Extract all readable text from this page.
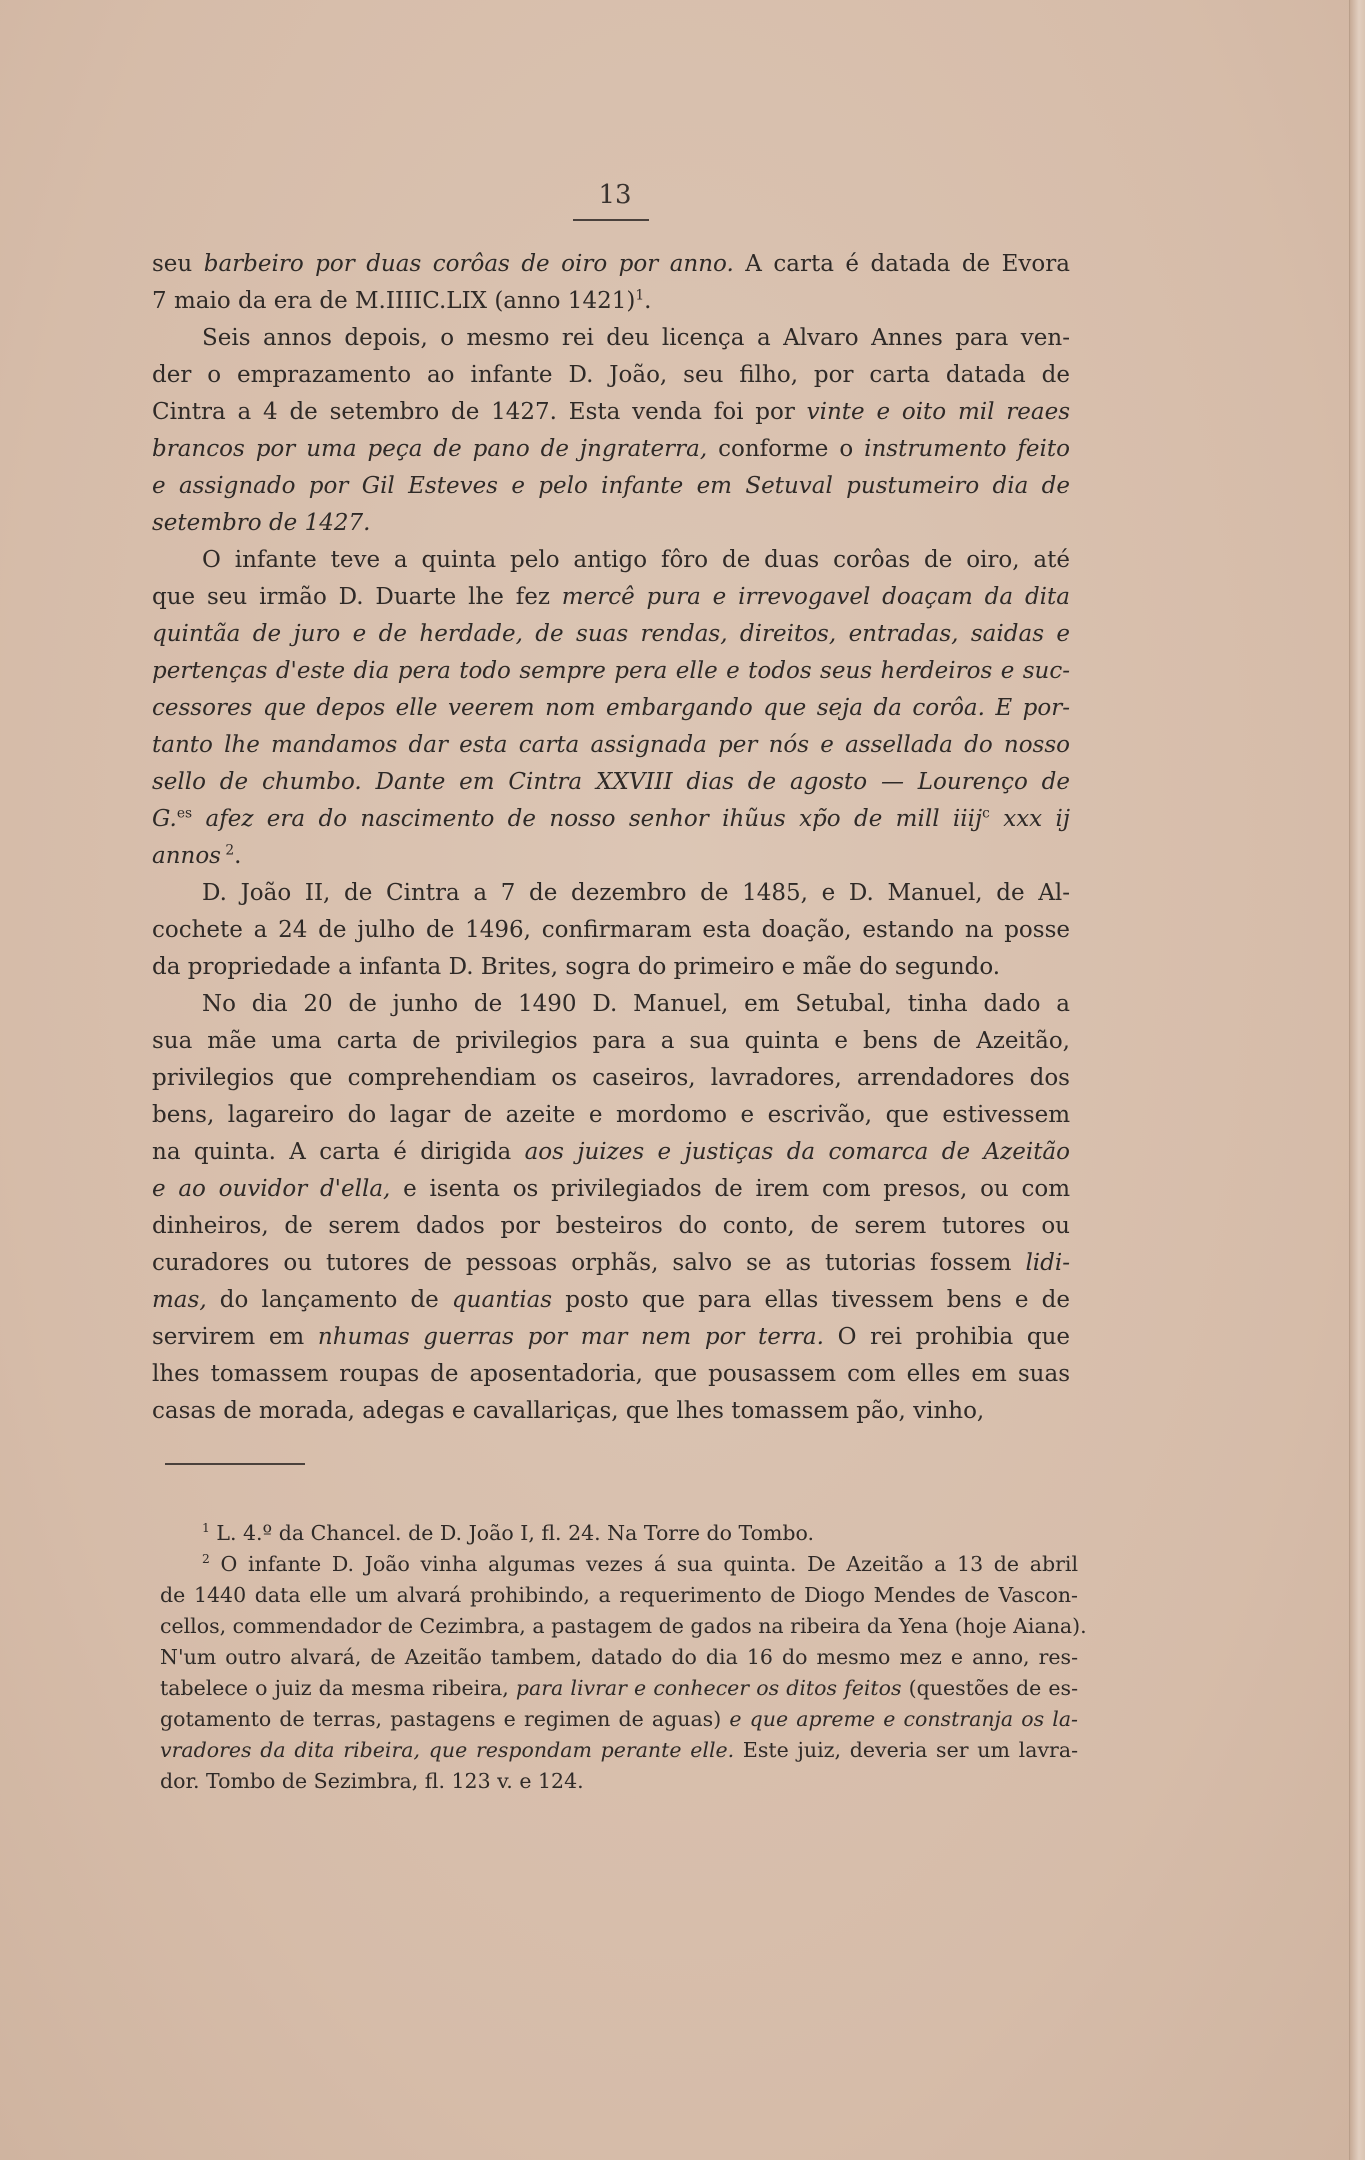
13
seu barbeiro por duas corôas de oiro por anno. A carta é datada de Evora
7 maio da era de M.IIIIC.LIX (anno 1421)$^1$.
Seis annos depois, o mesmo rei deu licença a Alvaro Annes para ven-
der o emprazamento ao infante D. João, seu filho, por carta datada de
Cintra a 4 de setembro de 1427. Esta venda foi por vinte e oito mil reaes
brancos por uma peça de pano de jngraterra, conforme o instrumento feito
e assignado por Gil Esteves e pelo infante em Setuval pustumeiro dia de
setembro de 1427.
O infante teve a quinta pelo antigo fôro de duas corôas de oiro, até
que seu irmão D. Duarte lhe fez mercê pura e irrevogavel doaçam da dita
quintãa de juro e de herdade, de suas rendas, direitos, entradas, saidas e
pertenças d'este dia pera todo sempre pera elle e todos seus herdeiros e suc-
cessores que depos elle veerem nom embargando que seja da corôa. E por-
tanto lhe mandamos dar esta carta assignada per nós e assellada do nosso
sello de chumbo. Dante em Cintra XXVIII dias de agosto — Lourenço de
G.$^{es}$ afez era do nascimento de nosso senhor ihũus xp̃o de mill iiij$^c$ xxx ij
annos $^2$.
D. João II, de Cintra a 7 de dezembro de 1485, e D. Manuel, de Al-
cochete a 24 de julho de 1496, confirmaram esta doação, estando na posse
da propriedade a infanta D. Brites, sogra do primeiro e mãe do segundo.
No dia 20 de junho de 1490 D. Manuel, em Setubal, tinha dado a
sua mãe uma carta de privilegios para a sua quinta e bens de Azeitão,
privilegios que comprehendiam os caseiros, lavradores, arrendadores dos
bens, lagareiro do lagar de azeite e mordomo e escrivão, que estivessem
na quinta. A carta é dirigida aos juizes e justiças da comarca de Azeitão
e ao ouvidor d'ella, e isenta os privilegiados de irem com presos, ou com
dinheiros, de serem dados por besteiros do conto, de serem tutores ou
curadores ou tutores de pessoas orphãs, salvo se as tutorias fossem lidi-
mas, do lançamento de quantias posto que para ellas tivessem bens e de
servirem em nhumas guerras por mar nem por terra. O rei prohibia que
lhes tomassem roupas de aposentadoria, que pousassem com elles em suas
casas de morada, adegas e cavallariças, que lhes tomassem pão, vinho,
$^1$ L. 4.º da Chancel. de D. João I, fl. 24. Na Torre do Tombo.
$^2$ O infante D. João vinha algumas vezes á sua quinta. De Azeitão a 13 de abril
de 1440 data elle um alvará prohibindo, a requerimento de Diogo Mendes de Vascon-
cellos, commendador de Cezimbra, a pastagem de gados na ribeira da Yena (hoje Aiana).
N'um outro alvará, de Azeitão tambem, datado do dia 16 do mesmo mez e anno, res-
tabelece o juiz da mesma ribeira, para livrar e conhecer os ditos feitos (questões de es-
gotamento de terras, pastagens e regimen de aguas) e que apreme e constranja os la-
vradores da dita ribeira, que respondam perante elle. Este juiz, deveria ser um lavra-
dor. Tombo de Sezimbra, fl. 123 v. e 124.
